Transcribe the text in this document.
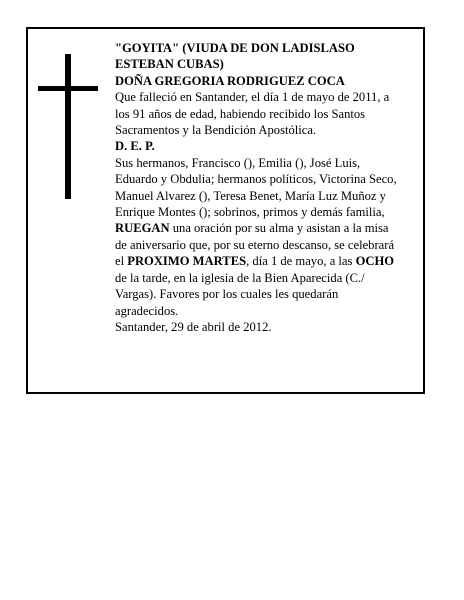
"GOYITA" (VIUDA DE DON LADISLASO
ESTEBAN CUBAS)
DOÑA GREGORIA RODRIGUEZ COCA
Que falleció en Santander, el día 1 de mayo de 2011, a
los 91 años de edad, habiendo recibido los Santos
Sacramentos y la Bendición Apostólica.
D. E. P.
Sus hermanos, Francisco (), Emilia (), José Luis,
Eduardo y Obdulia; hermanos políticos, Victorina Seco,
Manuel Alvarez (), Teresa Benet, María Luz Muñoz y
Enrique Montes (); sobrinos, primos y demás familia,
RUEGAN una oración por su alma y asistan a la misa
de aniversario que, por su eterno descanso, se celebrará
el PROXIMO MARTES, día 1 de mayo, a las OCHO
de la tarde, en la iglesia de la Bien Aparecida (C./
Vargas). Favores por los cuales les quedarán
agradecidos.
Santander, 29 de abril de 2012.
